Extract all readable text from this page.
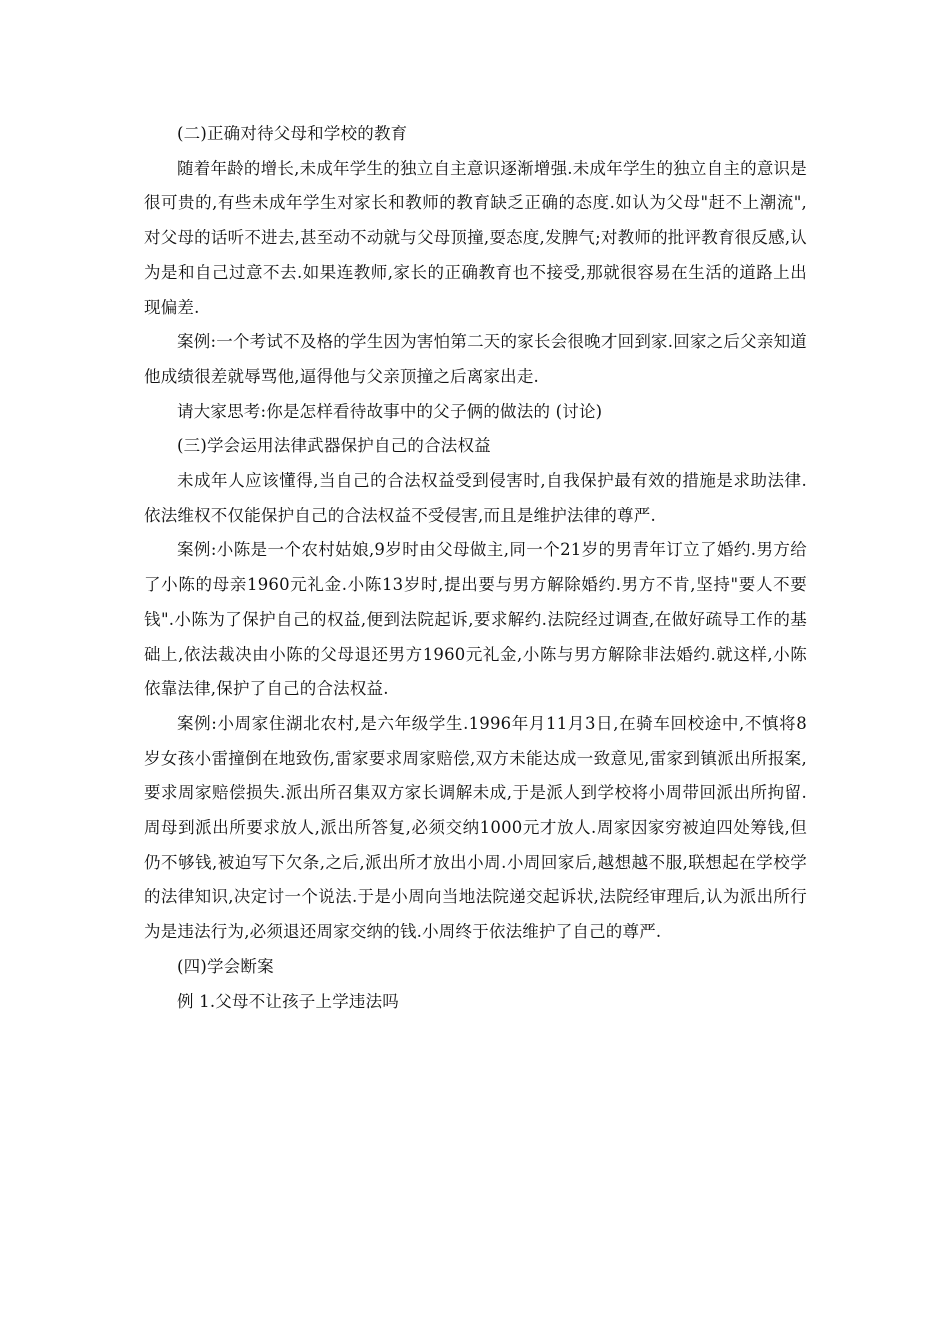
(二)正确对待父母和学校的教育

随着年龄的增长,未成年学生的独立自主意识逐渐增强.未成年学生的独立自主的意识是很可贵的,有些未成年学生对家长和教师的教育缺乏正确的态度.如认为父母"赶不上潮流",对父母的话听不进去,甚至动不动就与父母顶撞,耍态度,发脾气;对教师的批评教育很反感,认为是和自己过意不去.如果连教师,家长的正确教育也不接受,那就很容易在生活的道路上出现偏差.

案例:一个考试不及格的学生因为害怕第二天的家长会很晚才回到家.回家之后父亲知道他成绩很差就辱骂他,逼得他与父亲顶撞之后离家出走.

请大家思考:你是怎样看待故事中的父子俩的做法的 (讨论)

(三)学会运用法律武器保护自己的合法权益

未成年人应该懂得,当自己的合法权益受到侵害时,自我保护最有效的措施是求助法律.依法维权不仅能保护自己的合法权益不受侵害,而且是维护法律的尊严.

案例:小陈是一个农村姑娘,9岁时由父母做主,同一个21岁的男青年订立了婚约.男方给了小陈的母亲1960元礼金.小陈13岁时,提出要与男方解除婚约.男方不肯,坚持"要人不要钱".小陈为了保护自己的权益,便到法院起诉,要求解约.法院经过调查,在做好疏导工作的基础上,依法裁决由小陈的父母退还男方1960元礼金,小陈与男方解除非法婚约.就这样,小陈依靠法律,保护了自己的合法权益.

案例:小周家住湖北农村,是六年级学生.1996年月11月3日,在骑车回校途中,不慎将8岁女孩小雷撞倒在地致伤,雷家要求周家赔偿,双方未能达成一致意见,雷家到镇派出所报案,要求周家赔偿损失.派出所召集双方家长调解未成,于是派人到学校将小周带回派出所拘留.周母到派出所要求放人,派出所答复,必须交纳1000元才放人.周家因家穷被迫四处筹钱,但仍不够钱,被迫写下欠条,之后,派出所才放出小周.小周回家后,越想越不服,联想起在学校学的法律知识,决定讨一个说法.于是小周向当地法院递交起诉状,法院经审理后,认为派出所行为是违法行为,必须退还周家交纳的钱.小周终于依法维护了自己的尊严.

(四)学会断案

例 1.父母不让孩子上学违法吗
